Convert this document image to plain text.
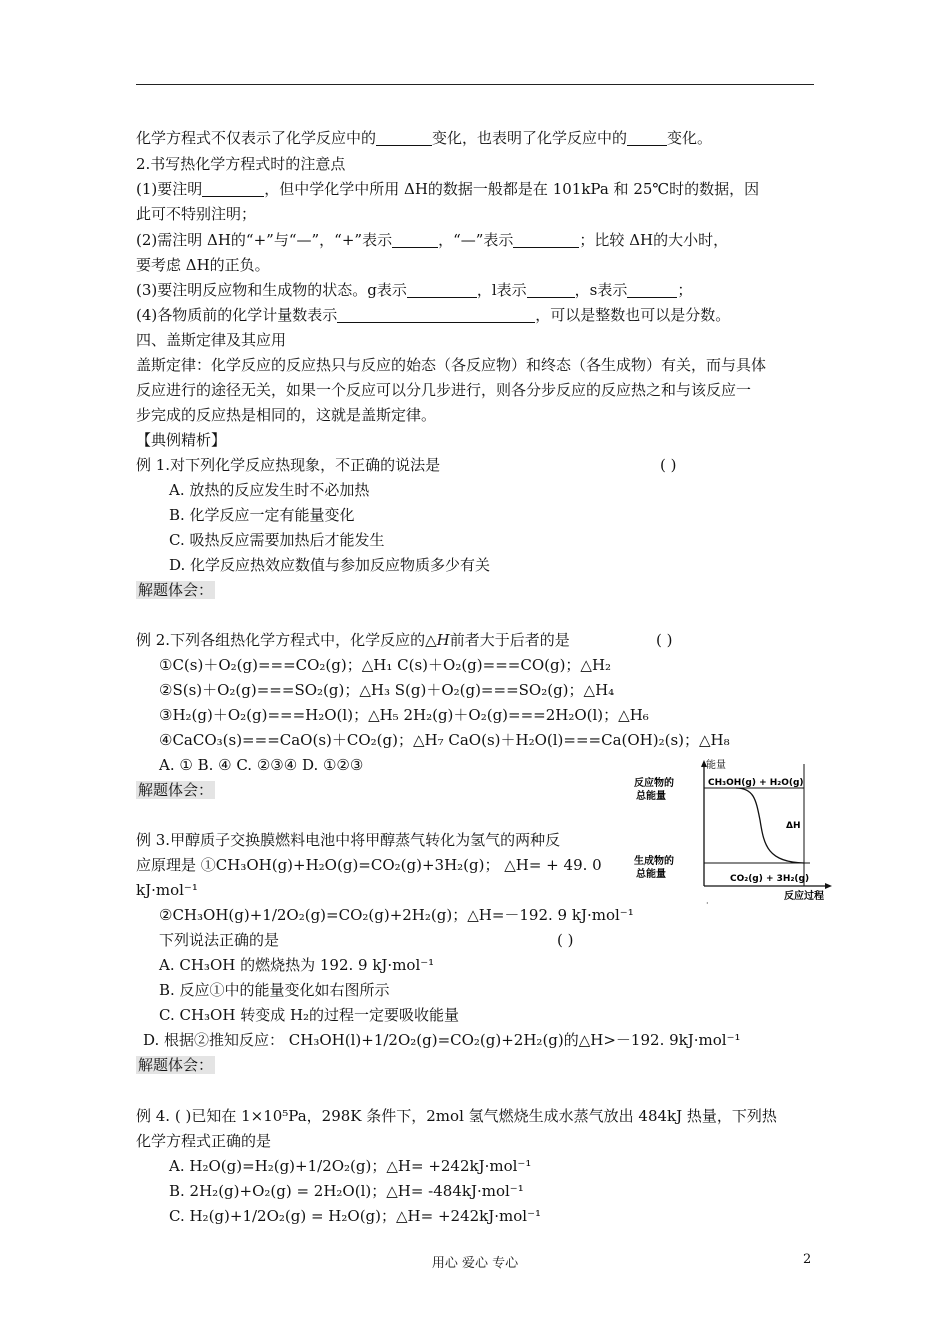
化学方程式不仅表示了化学反应中的	变化，也表明了化学反应中的	变化。
2.书写热化学方程式时的注意点
(1)要注明	，但中学化学中所用 ΔH的数据一般都是在 101kPa 和 25℃时的数据，因
此可不特别注明；
(2)需注明 ΔH的“+”与“—”，“+”表示	，“—”表示	；比较 ΔH的大小时，
要考虑 ΔH的正负。
(3)要注明反应物和生成物的状态。g表示	，l表示	，s表示	；
(4)各物质前的化学计量数表示	，可以是整数也可以是分数。
四、盖斯定律及其应用
盖斯定律：化学反应的反应热只与反应的始态（各反应物）和终态（各生成物）有关，而与具体
反应进行的途径无关，如果一个反应可以分几步进行，则各分步反应的反应热之和与该反应一
步完成的反应热是相同的，这就是盖斯定律。
【典例精析】
例 1.对下列化学反应热现象，不正确的说法是	( )
A. 放热的反应发生时不必加热
B. 化学反应一定有能量变化
C. 吸热反应需要加热后才能发生
D. 化学反应热效应数值与参加反应物质多少有关
解题体会：
例 2.下列各组热化学方程式中，化学反应的△H前者大于后者的是	( )
①C(s)＋O₂(g)===CO₂(g)；△H₁ C(s)＋O₂(g)===CO(g)；△H₂
②S(s)＋O₂(g)===SO₂(g)；△H₃ S(g)＋O₂(g)===SO₂(g)；△H₄
③H₂(g)＋O₂(g)===H₂O(l)；△H₅ 2H₂(g)＋O₂(g)===2H₂O(l)；△H₆
④CaCO₃(s)===CaO(s)＋CO₂(g)；△H₇ CaO(s)＋H₂O(l)===Ca(OH)₂(s)；△H₈
A. ① B. ④ C. ②③④ D. ①②③
解题体会：
能量
反应物的
总能量
生成物的
总能量
CH₃OH(g) + H₂O(g)
ΔH
CO₂(g) + 3H₂(g)
反应过程
·
例 3.甲醇质子交换膜燃料电池中将甲醇蒸气转化为氢气的两种反
应原理是 ①CH₃OH(g)+H₂O(g)=CO₂(g)+3H₂(g)； △H= + 49. 0
kJ·mol⁻¹
②CH₃OH(g)+1/2O₂(g)=CO₂(g)+2H₂(g)；△H=－192. 9 kJ·mol⁻¹
下列说法正确的是	( )
A. CH₃OH 的燃烧热为 192. 9 kJ·mol⁻¹
B. 反应①中的能量变化如右图所示
C. CH₃OH 转变成 H₂的过程一定要吸收能量
D. 根据②推知反应： CH₃OH(l)+1/2O₂(g)=CO₂(g)+2H₂(g)的△H>－192. 9kJ·mol⁻¹
解题体会：
例 4. ( )已知在 1×10⁵Pa，298K 条件下，2mol 氢气燃烧生成水蒸气放出 484kJ 热量，下列热
化学方程式正确的是
A. H₂O(g)=H₂(g)+1/2O₂(g)；△H= +242kJ·mol⁻¹
B. 2H₂(g)+O₂(g) = 2H₂O(l)；△H= -484kJ·mol⁻¹
C. H₂(g)+1/2O₂(g) = H₂O(g)；△H= +242kJ·mol⁻¹
用心 爱心 专心	2
